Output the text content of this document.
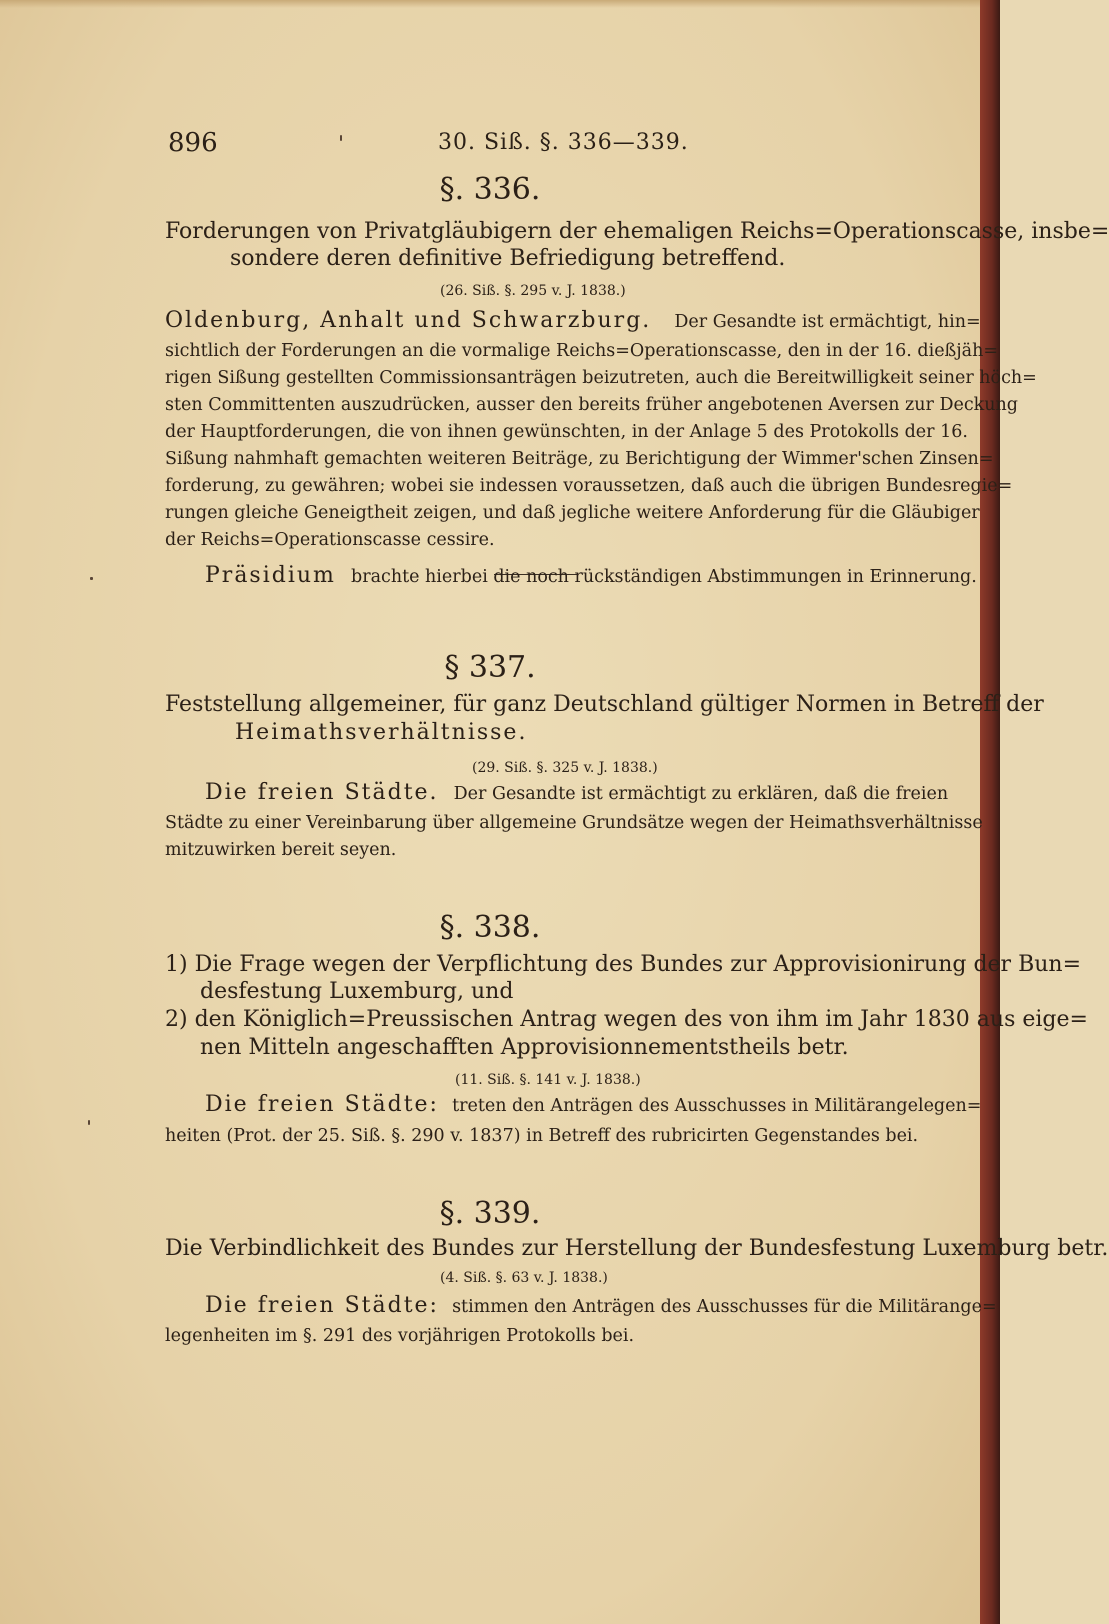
896	30. Siß. §. 336—339.
§. 336.
Forderungen von Privatgläubigern der ehemaligen Reichs=Operationscasse, insbe=
sondere deren definitive Befriedigung betreffend.
(26. Siß. §. 295 v. J. 1838.)
Oldenburg, Anhalt und Schwarzburg. Der Gesandte ist ermächtigt, hin=
sichtlich der Forderungen an die vormalige Reichs=Operationscasse, den in der 16. dießjäh=
rigen Sißung gestellten Commissionsanträgen beizutreten, auch die Bereitwilligkeit seiner höch=
sten Committenten auszudrücken, ausser den bereits früher angebotenen Aversen zur Deckung
der Hauptforderungen, die von ihnen gewünschten, in der Anlage 5 des Protokolls der 16.
Sißung nahmhaft gemachten weiteren Beiträge, zu Berichtigung der Wimmer'schen Zinsen=
forderung, zu gewähren; wobei sie indessen voraussetzen, daß auch die übrigen Bundesregie=
rungen gleiche Geneigtheit zeigen, und daß jegliche weitere Anforderung für die Gläubiger
der Reichs=Operationscasse cessire.
Präsidium brachte hierbei die noch rückständigen Abstimmungen in Erinnerung.
§ 337.
Feststellung allgemeiner, für ganz Deutschland gültiger Normen in Betreff der
Heimathsverhältnisse.
(29. Siß. §. 325 v. J. 1838.)
Die freien Städte. Der Gesandte ist ermächtigt zu erklären, daß die freien
Städte zu einer Vereinbarung über allgemeine Grundsätze wegen der Heimathsverhältnisse
mitzuwirken bereit seyen.
§. 338.
1) Die Frage wegen der Verpflichtung des Bundes zur Approvisionirung der Bun=
desfestung Luxemburg, und
2) den Königlich=Preussischen Antrag wegen des von ihm im Jahr 1830 aus eige=
nen Mitteln angeschafften Approvisionnementstheils betr.
(11. Siß. §. 141 v. J. 1838.)
Die freien Städte: treten den Anträgen des Ausschusses in Militärangelegen=
heiten (Prot. der 25. Siß. §. 290 v. 1837) in Betreff des rubricirten Gegenstandes bei.
§. 339.
Die Verbindlichkeit des Bundes zur Herstellung der Bundesfestung Luxemburg betr.
(4. Siß. §. 63 v. J. 1838.)
Die freien Städte: stimmen den Anträgen des Ausschusses für die Militärange=
legenheiten im §. 291 des vorjährigen Protokolls bei.
